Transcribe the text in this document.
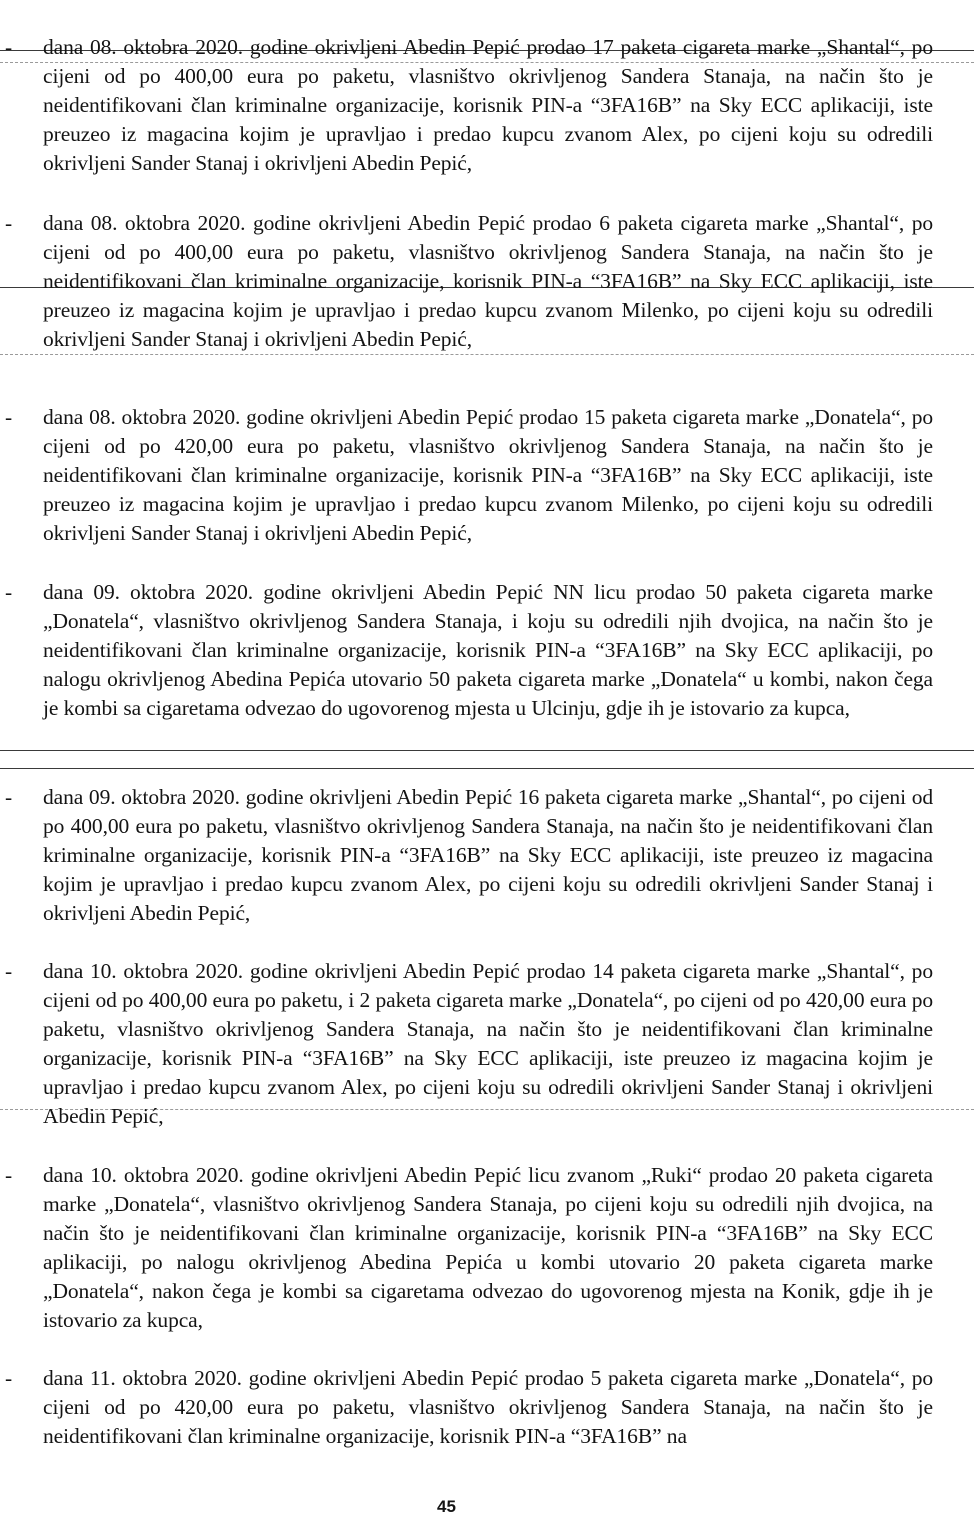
- dana 08. oktobra 2020. godine okrivljeni Abedin Pepić prodao 17 paketa cigareta marke „Shantal“, po cijeni od po 400,00 eura po paketu, vlasništvo okrivljenog Sandera Stanaja, na način što je neidentifikovani član kriminalne organizacije, korisnik PIN-a “3FA16B” na Sky ECC aplikaciji, iste preuzeo iz magacina kojim je upravljao i predao kupcu zvanom Alex, po cijeni koju su odredili okrivljeni Sander Stanaj i okrivljeni Abedin Pepić,

- dana 08. oktobra 2020. godine okrivljeni Abedin Pepić prodao 6 paketa cigareta marke „Shantal“, po cijeni od po 400,00 eura po paketu, vlasništvo okrivljenog Sandera Stanaja, na način što je neidentifikovani član kriminalne organizacije, korisnik PIN-a “3FA16B” na Sky ECC aplikaciji, iste preuzeo iz magacina kojim je upravljao i predao kupcu zvanom Milenko, po cijeni koju su odredili okrivljeni Sander Stanaj i okrivljeni Abedin Pepić,

- dana 08. oktobra 2020. godine okrivljeni Abedin Pepić prodao 15 paketa cigareta marke „Donatela“, po cijeni od po 420,00 eura po paketu, vlasništvo okrivljenog Sandera Stanaja, na način što je neidentifikovani član kriminalne organizacije, korisnik PIN-a “3FA16B” na Sky ECC aplikaciji, iste preuzeo iz magacina kojim je upravljao i predao kupcu zvanom Milenko, po cijeni koju su odredili okrivljeni Sander Stanaj i okrivljeni Abedin Pepić,

- dana 09. oktobra 2020. godine okrivljeni Abedin Pepić NN licu prodao 50 paketa cigareta marke „Donatela“, vlasništvo okrivljenog Sandera Stanaja, i koju su odredili njih dvojica, na način što je neidentifikovani član kriminalne organizacije, korisnik PIN-a “3FA16B” na Sky ECC aplikaciji, po nalogu okrivljenog Abedina Pepića utovario 50 paketa cigareta marke „Donatela“ u kombi, nakon čega je kombi sa cigaretama odvezao do ugovorenog mjesta u Ulcinju, gdje ih je istovario za kupca,

- dana 09. oktobra 2020. godine okrivljeni Abedin Pepić 16 paketa cigareta marke „Shantal“, po cijeni od po 400,00 eura po paketu, vlasništvo okrivljenog Sandera Stanaja, na način što je neidentifikovani član kriminalne organizacije, korisnik PIN-a “3FA16B” na Sky ECC aplikaciji, iste preuzeo iz magacina kojim je upravljao i predao kupcu zvanom Alex, po cijeni koju su odredili okrivljeni Sander Stanaj i okrivljeni Abedin Pepić,

- dana 10. oktobra 2020. godine okrivljeni Abedin Pepić prodao 14 paketa cigareta marke „Shantal“, po cijeni od po 400,00 eura po paketu, i 2 paketa cigareta marke „Donatela“, po cijeni od po 420,00 eura po paketu, vlasništvo okrivljenog Sandera Stanaja, na način što je neidentifikovani član kriminalne organizacije, korisnik PIN-a “3FA16B” na Sky ECC aplikaciji, iste preuzeo iz magacina kojim je upravljao i predao kupcu zvanom Alex, po cijeni koju su odredili okrivljeni Sander Stanaj i okrivljeni Abedin Pepić,

- dana 10. oktobra 2020. godine okrivljeni Abedin Pepić licu zvanom „Ruki“ prodao 20 paketa cigareta marke „Donatela“, vlasništvo okrivljenog Sandera Stanaja, po cijeni koju su odredili njih dvojica, na način što je neidentifikovani član kriminalne organizacije, korisnik PIN-a “3FA16B” na Sky ECC aplikaciji, po nalogu okrivljenog Abedina Pepića u kombi utovario 20 paketa cigareta marke „Donatela“, nakon čega je kombi sa cigaretama odvezao do ugovorenog mjesta na Konik, gdje ih je istovario za kupca,

- dana 11. oktobra 2020. godine okrivljeni Abedin Pepić prodao 5 paketa cigareta marke „Donatela“, po cijeni od po 420,00 eura po paketu, vlasništvo okrivljenog Sandera Stanaja, na način što je neidentifikovani član kriminalne organizacije, korisnik PIN-a “3FA16B” na

45
